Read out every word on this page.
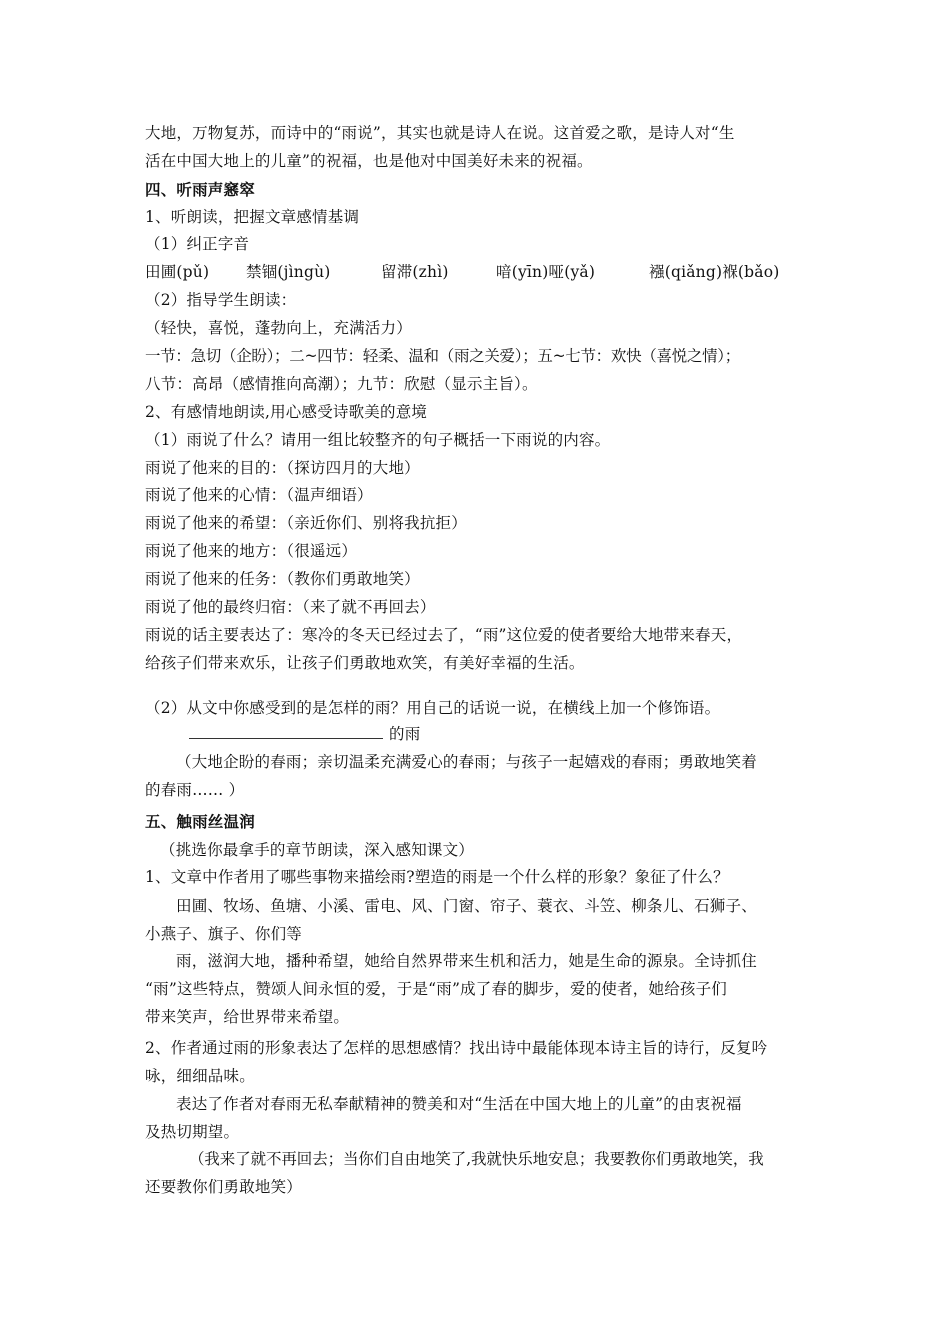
大地，万物复苏，而诗中的“雨说”，其实也就是诗人在说。这首爱之歌，是诗人对“生
活在中国大地上的儿童”的祝福，也是他对中国美好未来的祝福。
四、听雨声窸窣
1、听朗读，把握文章感情基调
（1）纠正字音
田圃(pǔ) 禁锢(jìngù)	留滞(zhì)	喑(yīn)哑(yǎ)	襁(qiǎng)褓(bǎo)
（2）指导学生朗读：
（轻快，喜悦，蓬勃向上，充满活力）
一节：急切（企盼）；二~四节：轻柔、温和（雨之关爱）；五~七节：欢快（喜悦之情）；
八节：高昂（感情推向高潮）；九节：欣慰（显示主旨）。
2、有感情地朗读,用心感受诗歌美的意境
（1）雨说了什么？请用一组比较整齐的句子概括一下雨说的内容。
雨说了他来的目的：（探访四月的大地）
雨说了他来的心情：（温声细语）
雨说了他来的希望：（亲近你们、别将我抗拒）
雨说了他来的地方：（很遥远）
雨说了他来的任务：（教你们勇敢地笑）
雨说了他的最终归宿：（来了就不再回去）
雨说的话主要表达了：寒冷的冬天已经过去了，“雨”这位爱的使者要给大地带来春天，
给孩子们带来欢乐，让孩子们勇敢地欢笑，有美好幸福的生活。
（2）从文中你感受到的是怎样的雨？用自己的话说一说，在横线上加一个修饰语。
的雨
（大地企盼的春雨；亲切温柔充满爱心的春雨；与孩子一起嬉戏的春雨；勇敢地笑着
的春雨…… ）
五、触雨丝温润
（挑选你最拿手的章节朗读，深入感知课文）
1、文章中作者用了哪些事物来描绘雨?塑造的雨是一个什么样的形象？象征了什么？
田圃、牧场、鱼塘、小溪、雷电、风、门窗、帘子、蓑衣、斗笠、柳条儿、石狮子、
小燕子、旗子、你们等
雨，滋润大地，播种希望，她给自然界带来生机和活力，她是生命的源泉。全诗抓住
“雨”这些特点，赞颂人间永恒的爱，于是“雨”成了春的脚步，爱的使者，她给孩子们
带来笑声，给世界带来希望。
2、作者通过雨的形象表达了怎样的思想感情？找出诗中最能体现本诗主旨的诗行，反复吟
咏，细细品味。
表达了作者对春雨无私奉献精神的赞美和对“生活在中国大地上的儿童”的由衷祝福
及热切期望。
（我来了就不再回去；当你们自由地笑了,我就快乐地安息；我要教你们勇敢地笑，我
还要教你们勇敢地笑）
